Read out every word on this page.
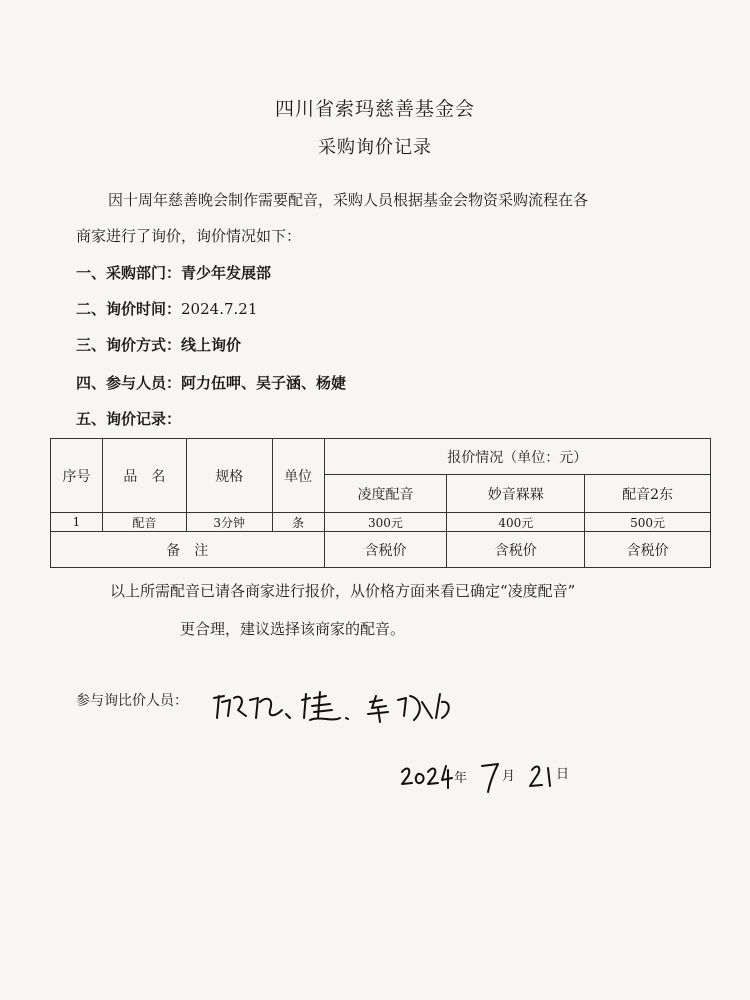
四川省索玛慈善基金会
采购询价记录
因十周年慈善晚会制作需要配音，采购人员根据基金会物资采购流程在各
商家进行了询价，询价情况如下：
一、采购部门：青少年发展部
二、询价时间：2024.7.21
三、询价方式：线上询价
四、参与人员：阿力伍呷、吴子涵、杨婕
五、询价记录：
序号	品　名	规格	单位	报价情况（单位：元）		
				凌度配音	妙音槑槑	配音2东
1	配音	3分钟	条	300元	400元	500元
备　注				含税价	含税价	含税价
以上所需配音已请各商家进行报价，从价格方面来看已确定“凌度配音”
更合理，建议选择该商家的配音。
参与询比价人员：
年	月	日
